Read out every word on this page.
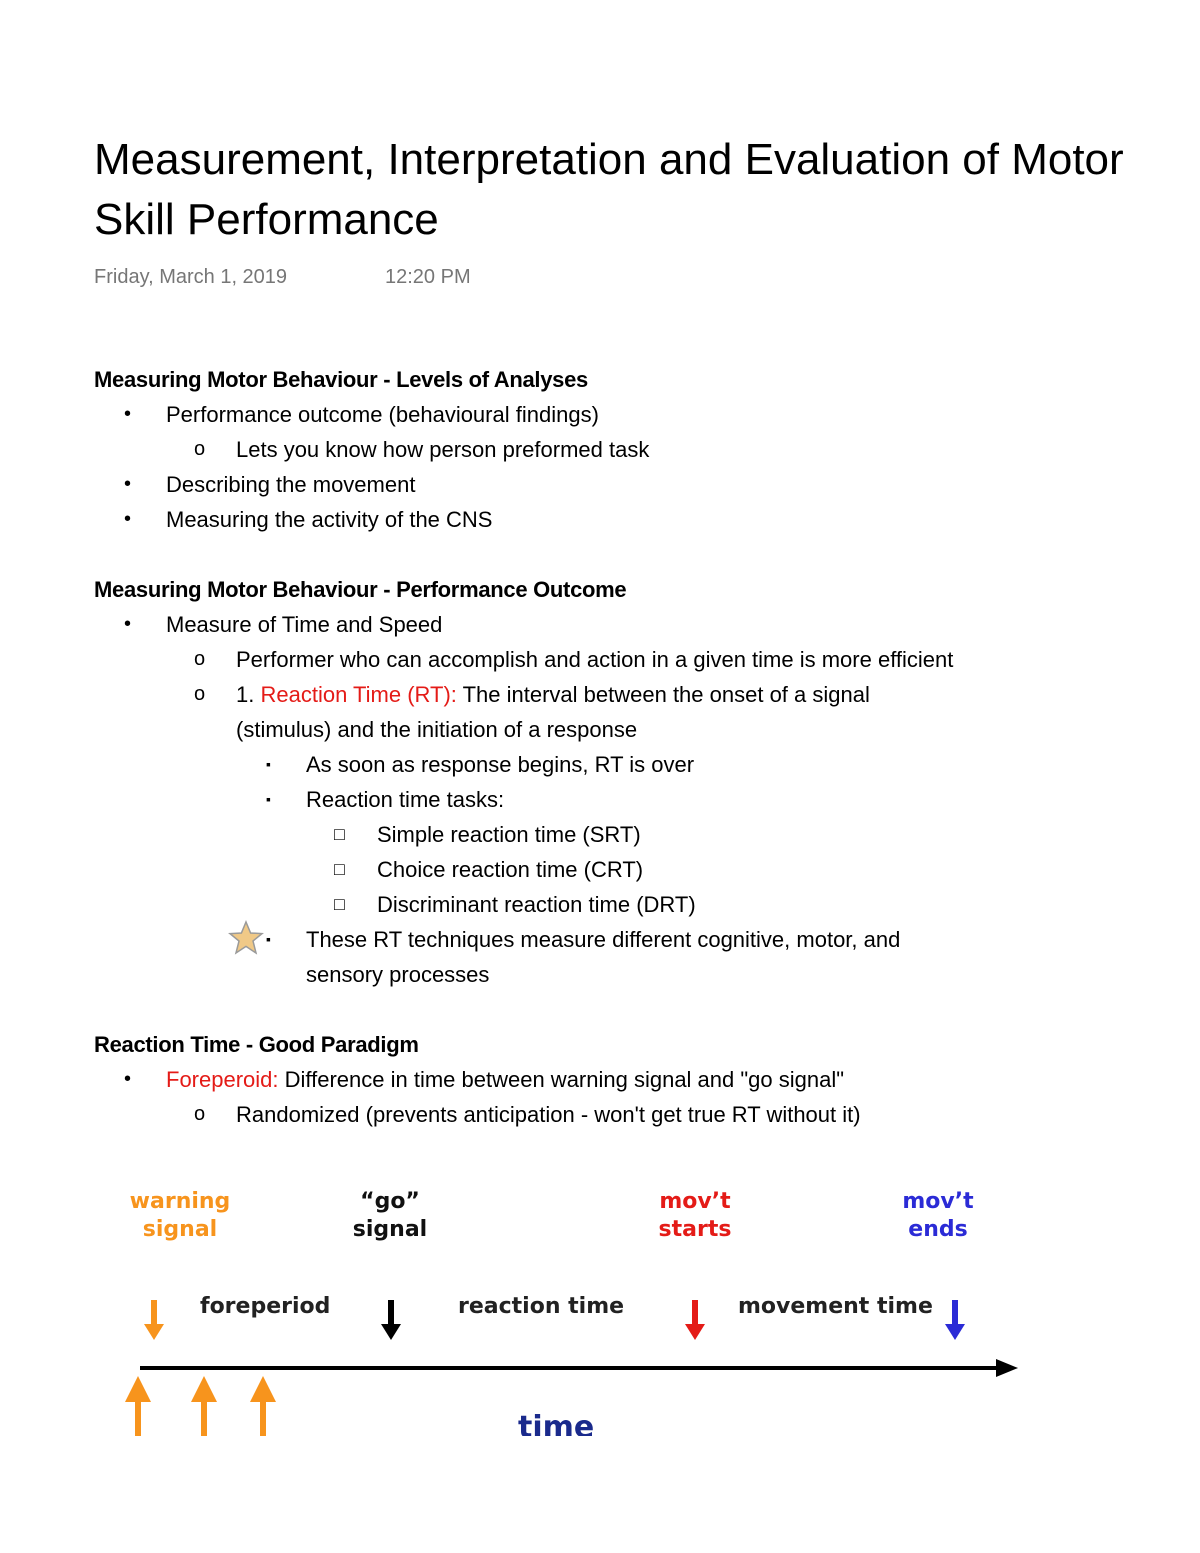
Measurement, Interpretation and Evaluation of Motor
Skill Performance
Friday, March 1, 2019	12:20 PM
Measuring Motor Behaviour - Levels of Analyses
• Performance outcome (behavioural findings)
o Lets you know how person preformed task
• Describing the movement
• Measuring the activity of the CNS
Measuring Motor Behaviour - Performance Outcome
• Measure of Time and Speed
o Performer who can accomplish and action in a given time is more efficient
o 1. Reaction Time (RT): The interval between the onset of a signal
(stimulus) and the initiation of a response
▪ As soon as response begins, RT is over
▪ Reaction time tasks:
□ Simple reaction time (SRT)
□ Choice reaction time (CRT)
□ Discriminant reaction time (DRT)
▪ These RT techniques measure different cognitive, motor, and
sensory processes
Reaction Time - Good Paradigm
• Foreperoid: Difference in time between warning signal and "go signal"
o Randomized (prevents anticipation - won't get true RT without it)
warning
signal
“go”
signal
mov’t
starts
mov’t
ends
foreperiod	reaction time	movement time
time
